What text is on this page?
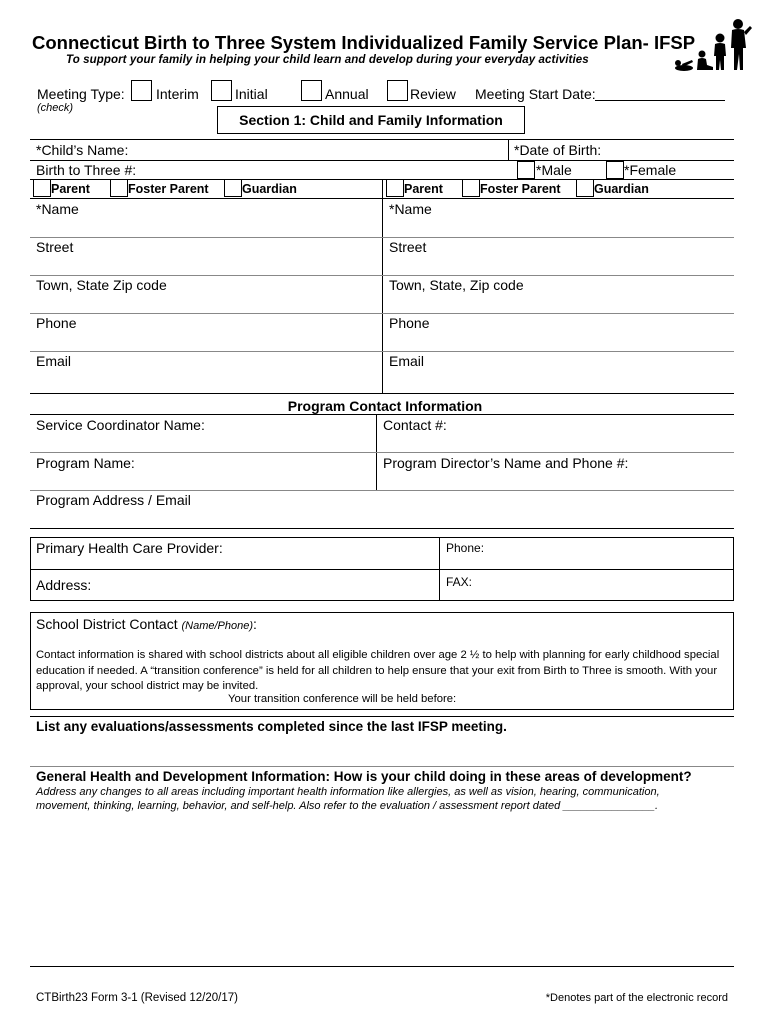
Connecticut Birth to Three System Individualized Family Service Plan- IFSP
To support your family in helping your child learn and develop during your everyday activities
Meeting Type:
(check)
Interim	Initial	Annual	Review Meeting Start Date:
Section 1: Child and Family Information
*Child’s Name:	*Date of Birth:
Birth to Three #:	*Male	*Female
Parent	Foster Parent	Guardian	Parent	Foster Parent	Guardian
*Name	*Name
Street	Street
Town, State Zip code	Town, State, Zip code
Phone	Phone
Email	Email
Program Contact Information
Service Coordinator Name:	Contact #:
Program Name:	Program Director’s Name and Phone #:
Program Address / Email
Primary Health Care Provider:	Phone:
Address:	FAX:
School District Contact (Name/Phone):
Contact information is shared with school districts about all eligible children over age 2 ½ to help with planning for early childhood special education if needed. A “transition conference” is held for all children to help ensure that your exit from Birth to Three is smooth. With your approval, your school district may be invited.
Your transition conference will be held before:
List any evaluations/assessments completed since the last IFSP meeting.
General Health and Development Information: How is your child doing in these areas of development?
Address any changes to all areas including important health information like allergies, as well as vision, hearing, communication, movement, thinking, learning, behavior, and self-help. Also refer to the evaluation / assessment report dated _______________.
CTBirth23 Form 3-1 (Revised 12/20/17)	*Denotes part of the electronic record
